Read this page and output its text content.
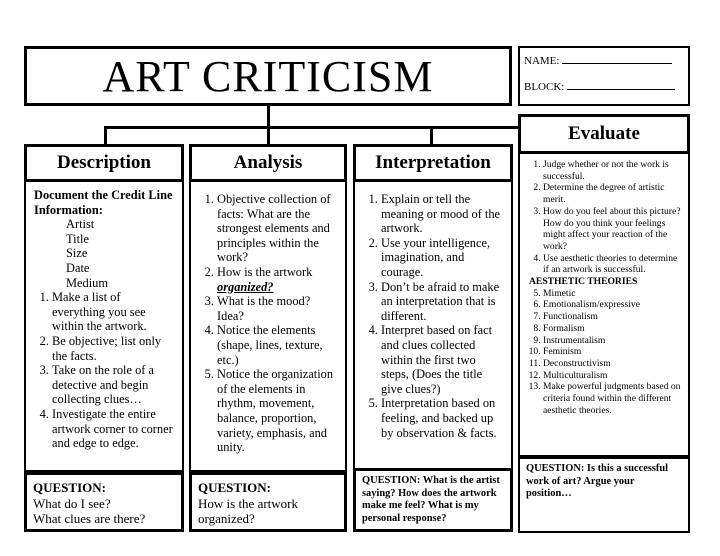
ART CRITICISM	NAME:
BLOCK:
Evaluate
1. Judge whether or not the work is successful.
2. Determine the degree of artistic merit.
3. How do you feel about this picture? How do you think your feelings might affect your reaction of the work?
4. Use aesthetic theories to determine if an artwork is successful.
AESTHETIC THEORIES
5. Mimetic
6. Emotionalism/expressive
7. Functionalism
8. Formalism
9. Instrumentalism
10. Feminism
11. Deconstructivism
12. Multiculturalism
13. Make powerful judgments based on criteria found within the different aesthetic theories.
QUESTION: Is this a successful work of art? Argue your position…
Description
Document the Credit Line Information:
Artist
Title
Size
Date
Medium
1. Make a list of everything you see within the artwork.
2. Be objective; list only the facts.
3. Take on the role of a detective and begin collecting clues…
4. Investigate the entire artwork corner to corner and edge to edge.
QUESTION:
What do I see?
What clues are there?
Analysis
1. Objective collection of facts: What are the strongest elements and principles within the work?
2. How is the artwork organized?
3. What is the mood? Idea?
4. Notice the elements (shape, lines, texture, etc.)
5. Notice the organization of the elements in rhythm, movement, balance, proportion, variety, emphasis, and unity.
QUESTION:
How is the artwork organized?
Interpretation
1. Explain or tell the meaning or mood of the artwork.
2. Use your intelligence, imagination, and courage.
3. Don’t be afraid to make an interpretation that is different.
4. Interpret based on fact and clues collected within the first two steps, (Does the title give clues?)
5. Interpretation based on feeling, and backed up by observation & facts.
QUESTION: What is the artist saying? How does the artwork make me feel? What is my personal response?
